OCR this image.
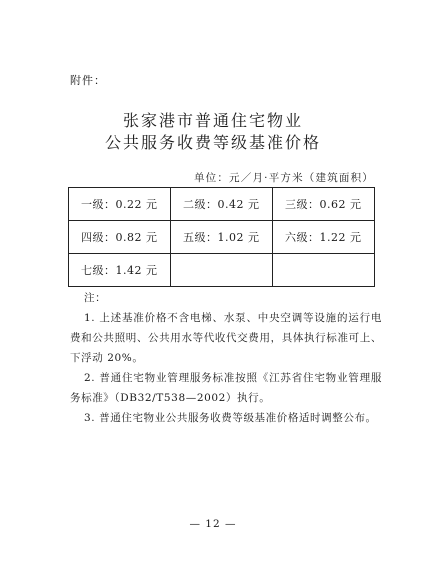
附件：
张家港市普通住宅物业
公共服务收费等级基准价格
单位：元／月·平方米（建筑面积）
一级：0.22 元	二级：0.42 元	三级：0.62 元
四级：0.82 元	五级：1.02 元	六级：1.22 元
七级：1.42 元		
注：

1. 上述基准价格不含电梯、水泵、中央空调等设施的运行电费和公共照明、公共用水等代收代交费用，具体执行标准可上、下浮动 20%。

2. 普通住宅物业管理服务标准按照《江苏省住宅物业管理服务标准》（DB32/T538—2002）执行。

3. 普通住宅物业公共服务收费等级基准价格适时调整公布。

— 12 —
